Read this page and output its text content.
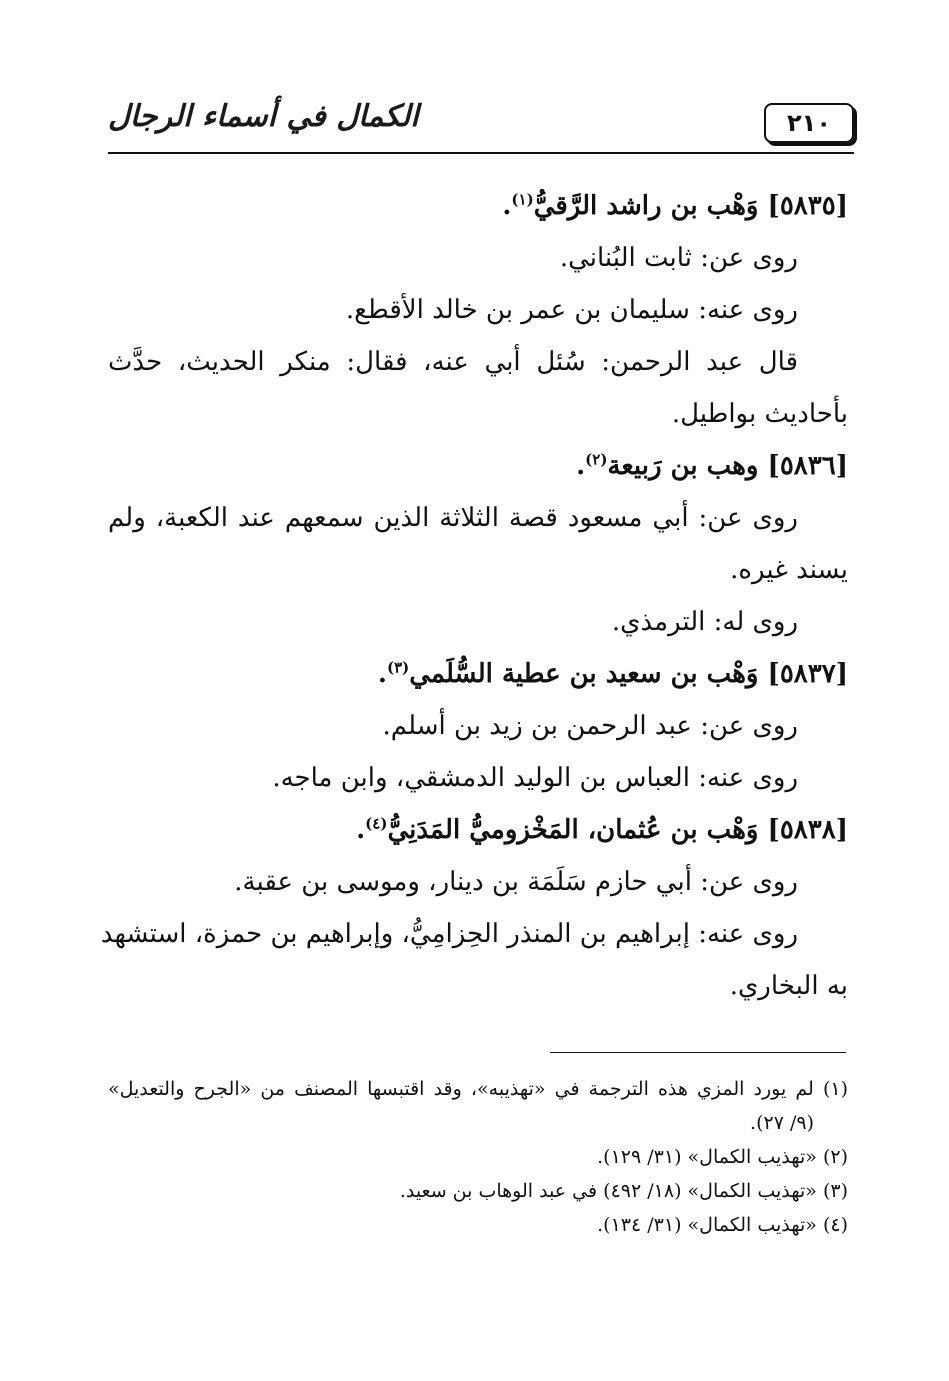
الكمال في أسماء الرجال	٢١٠
[٥٨٣٥] وَهْب بن راشد الرَّقيُّ$^{(١)}$.
روى عن: ثابت البُناني.
روى عنه: سليمان بن عمر بن خالد الأقطع.
قال عبد الرحمن: سُئل أبي عنه، فقال: منكر الحديث، حدَّث
بأحاديث بواطيل.
[٥٨٣٦] وهب بن رَبيعة$^{(٢)}$.
روى عن: أبي مسعود قصة الثلاثة الذين سمعهم عند الكعبة، ولم
يسند غيره.
روى له: الترمذي.
[٥٨٣٧] وَهْب بن سعيد بن عطية السُّلَمي$^{(٣)}$.
روى عن: عبد الرحمن بن زيد بن أسلم.
روى عنه: العباس بن الوليد الدمشقي، وابن ماجه.
[٥٨٣٨] وَهْب بن عُثمان، المَخْزوميُّ المَدَنِيُّ$^{(٤)}$.
روى عن: أبي حازم سَلَمَة بن دينار، وموسى بن عقبة.
روى عنه: إبراهيم بن المنذر الحِزامِيُّ، وإبراهيم بن حمزة، استشهد
به البخاري.
(١) لم يورد المزي هذه الترجمة في «تهذيبه»، وقد اقتبسها المصنف من «الجرح والتعديل»
(٩/ ٢٧).
(٢) «تهذيب الكمال» (٣١/ ١٢٩).
(٣) «تهذيب الكمال» (١٨/ ٤٩٢) في عبد الوهاب بن سعيد.
(٤) «تهذيب الكمال» (٣١/ ١٣٤).
